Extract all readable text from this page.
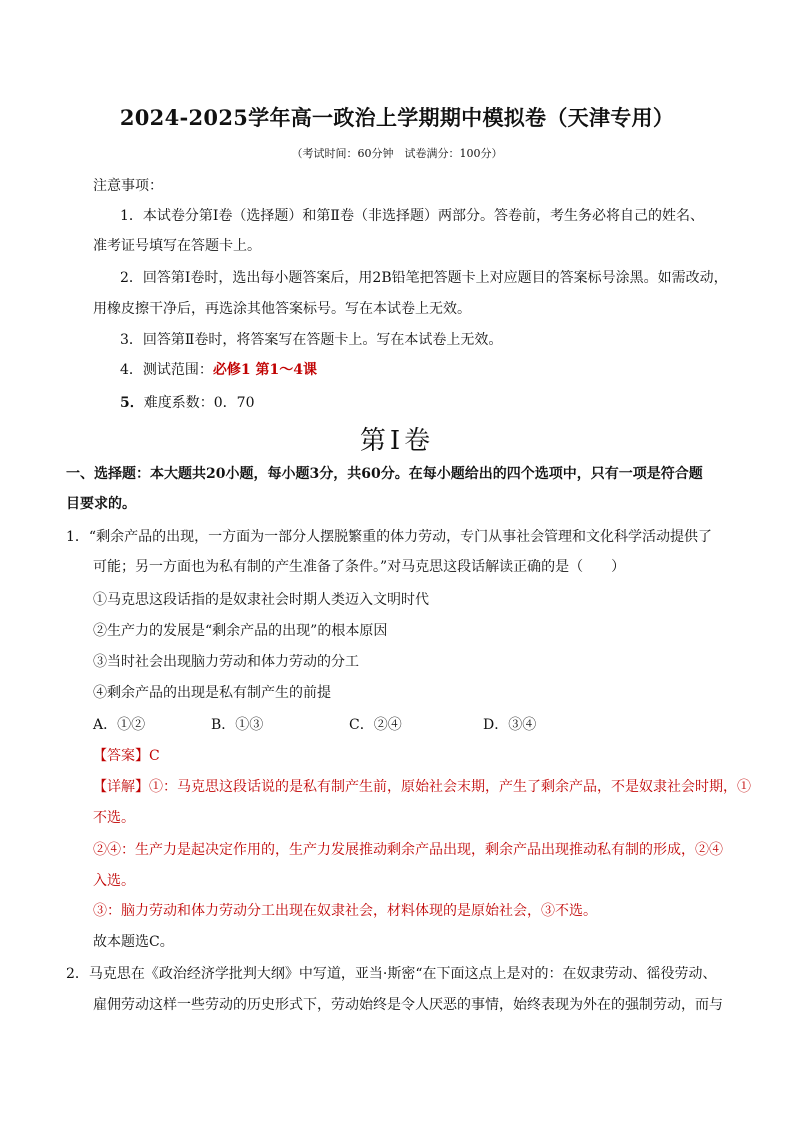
2024-2025学年高一政治上学期期中模拟卷（天津专用）
（考试时间：60分钟　试卷满分：100分）
注意事项：
1．本试卷分第Ⅰ卷（选择题）和第Ⅱ卷（非选择题）两部分。答卷前，考生务必将自己的姓名、
准考证号填写在答题卡上。
2．回答第Ⅰ卷时，选出每小题答案后，用2B铅笔把答题卡上对应题目的答案标号涂黑。如需改动，
用橡皮擦干净后，再选涂其他答案标号。写在本试卷上无效。
3．回答第Ⅱ卷时，将答案写在答题卡上。写在本试卷上无效。
4．测试范围：必修1 第1～4课
5．难度系数：0．70
第Ⅰ卷
一、选择题：本大题共20小题，每小题3分，共60分。在每小题给出的四个选项中，只有一项是符合题
目要求的。
1．“剩余产品的出现，一方面为一部分人摆脱繁重的体力劳动，专门从事社会管理和文化科学活动提供了
可能；另一方面也为私有制的产生准备了条件。”对马克思这段话解读正确的是（　　）
①马克思这段话指的是奴隶社会时期人类迈入文明时代
②生产力的发展是“剩余产品的出现”的根本原因
③当时社会出现脑力劳动和体力劳动的分工
④剩余产品的出现是私有制产生的前提
A．①②	B．①③	C．②④	D．③④
【答案】C
【详解】①：马克思这段话说的是私有制产生前，原始社会末期，产生了剩余产品，不是奴隶社会时期，①
不选。
②④：生产力是起决定作用的，生产力发展推动剩余产品出现，剩余产品出现推动私有制的形成，②④
入选。
③：脑力劳动和体力劳动分工出现在奴隶社会，材料体现的是原始社会，③不选。
故本题选C。
2．马克思在《政治经济学批判大纲》中写道，亚当·斯密“在下面这点上是对的：在奴隶劳动、徭役劳动、
雇佣劳动这样一些劳动的历史形式下，劳动始终是令人厌恶的事情，始终表现为外在的强制劳动，而与
